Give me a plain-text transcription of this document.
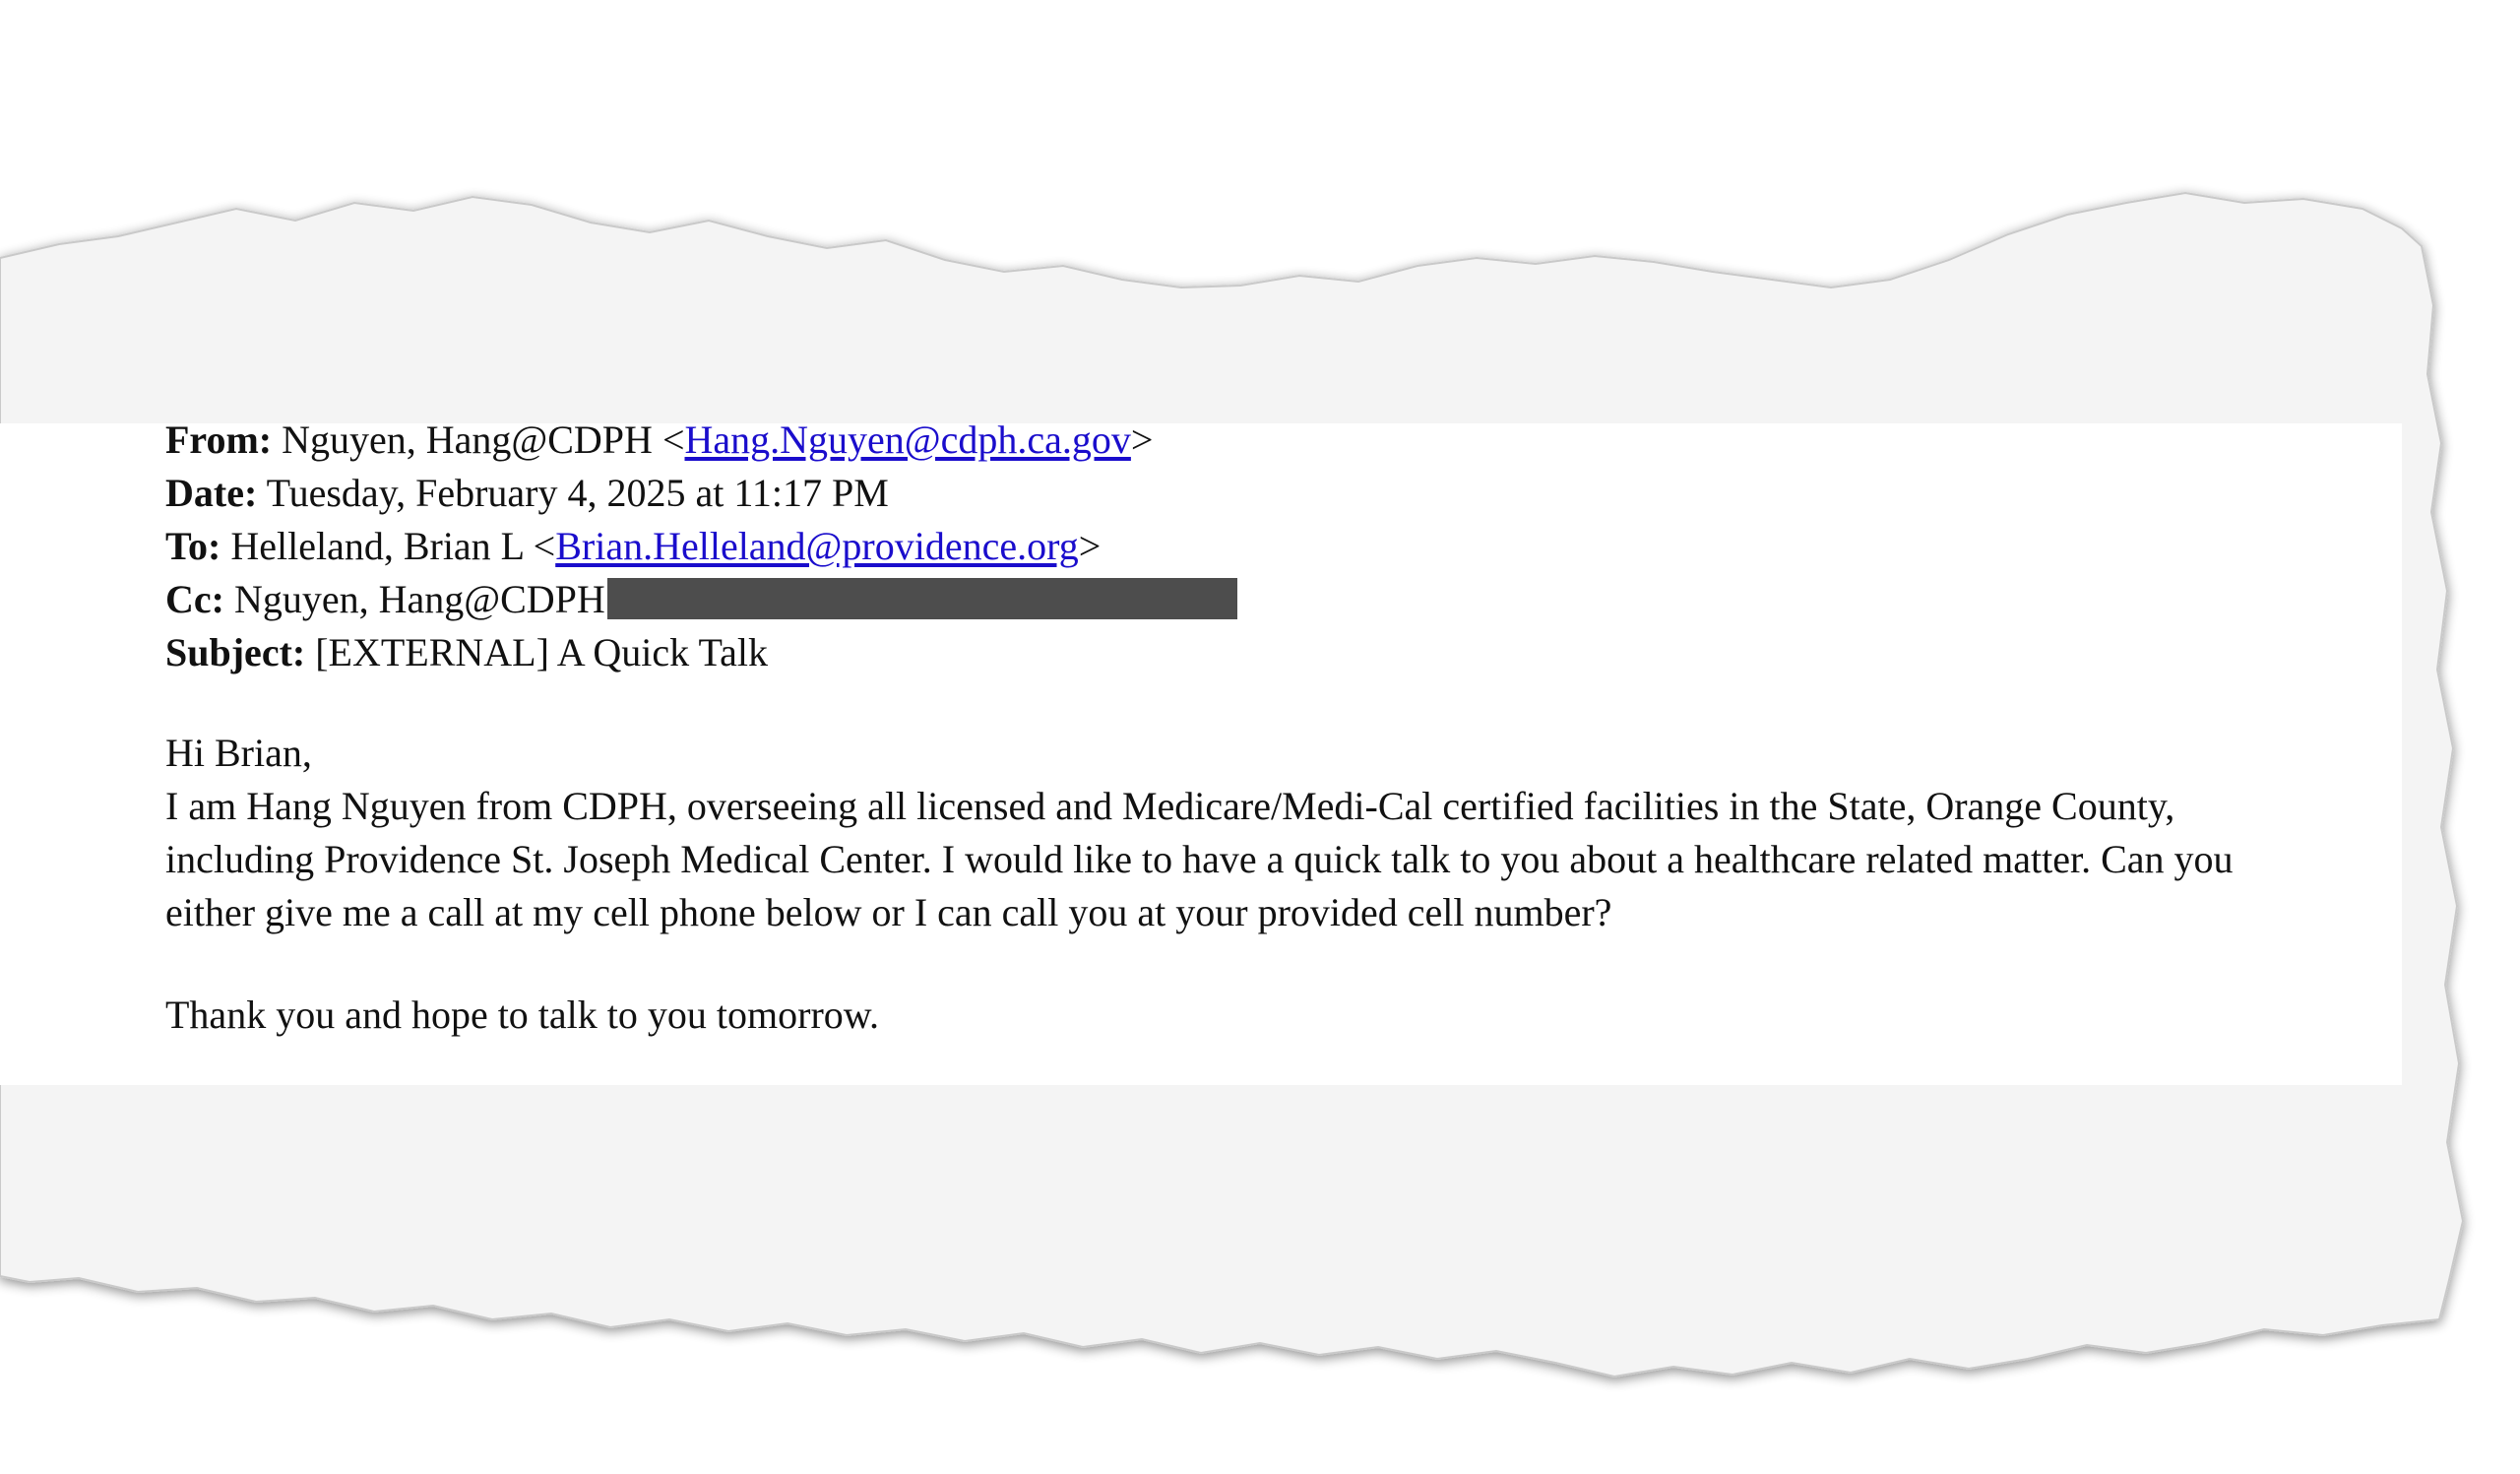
From: Nguyen, Hang@CDPH <Hang.Nguyen@cdph.ca.gov>
Date: Tuesday, February 4, 2025 at 11:17 PM
To: Helleland, Brian L <Brian.Helleland@providence.org>
Cc: Nguyen, Hang@CDPH
Subject: [EXTERNAL] A Quick Talk

Hi Brian,

I am Hang Nguyen from CDPH, overseeing all licensed and Medicare/Medi-Cal certified facilities in the State, Orange County, including Providence St. Joseph Medical Center. I would like to have a quick talk to you about a healthcare related matter. Can you either give me a call at my cell phone below or I can call you at your provided cell number?

Thank you and hope to talk to you tomorrow.
